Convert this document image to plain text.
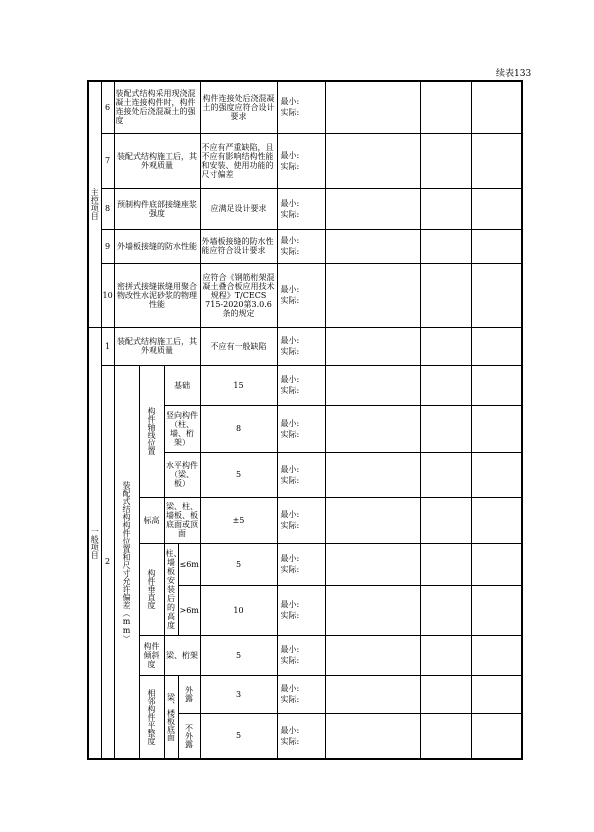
续表133
主控项目	6	装配式结构采用现浇混凝土连接构件时，构件连接处后浇混凝土的强度				构件连接处后浇混凝土的强度应符合设计要求	最小:
实际:			

	7	装配式结构施工后，其外观质量				不应有严重缺陷，且不应有影响结构性能和安装、使用功能的尺寸偏差	最小:
实际:			

	8	预制构件底部接缝座浆强度				应满足设计要求	最小:
实际:			

	9	外墙板接缝的防水性能				外墙板接缝的防水性能应符合设计要求	最小:
实际:			

	10	密拼式接缝嵌缝用聚合物改性水泥砂浆的物理性能				应符合《钢筋桁架混凝土叠合板应用技术规程》T/CECS 715-2020第3.0.6条的规定	最小:
实际:			

一般项目	1	装配式结构施工后，其外观质量				不应有一般缺陷	最小:
实际:			

	2	装配式结构构件位置和尺寸允许偏差（mm）	构件轴线位置	基础		15	最小:
实际:			

				竖向构件（柱、墙、桁架）		8	最小:
实际:			

				水平构件（梁、板）		5	最小:
实际:			

			标高	梁、柱、墙板、板底面或顶面		±5	最小:
实际:			

			构件垂直度	柱、墙板安装后的高度	≤6m	5	最小:
实际:			

					>6m	10	最小:
实际:			

			构件倾斜度	梁、桁架		5	最小:
实际:			

			相邻构件平整度	梁、楼板底面	外露	3	最小:
实际:			

					不外露	5	最小:
实际:			
